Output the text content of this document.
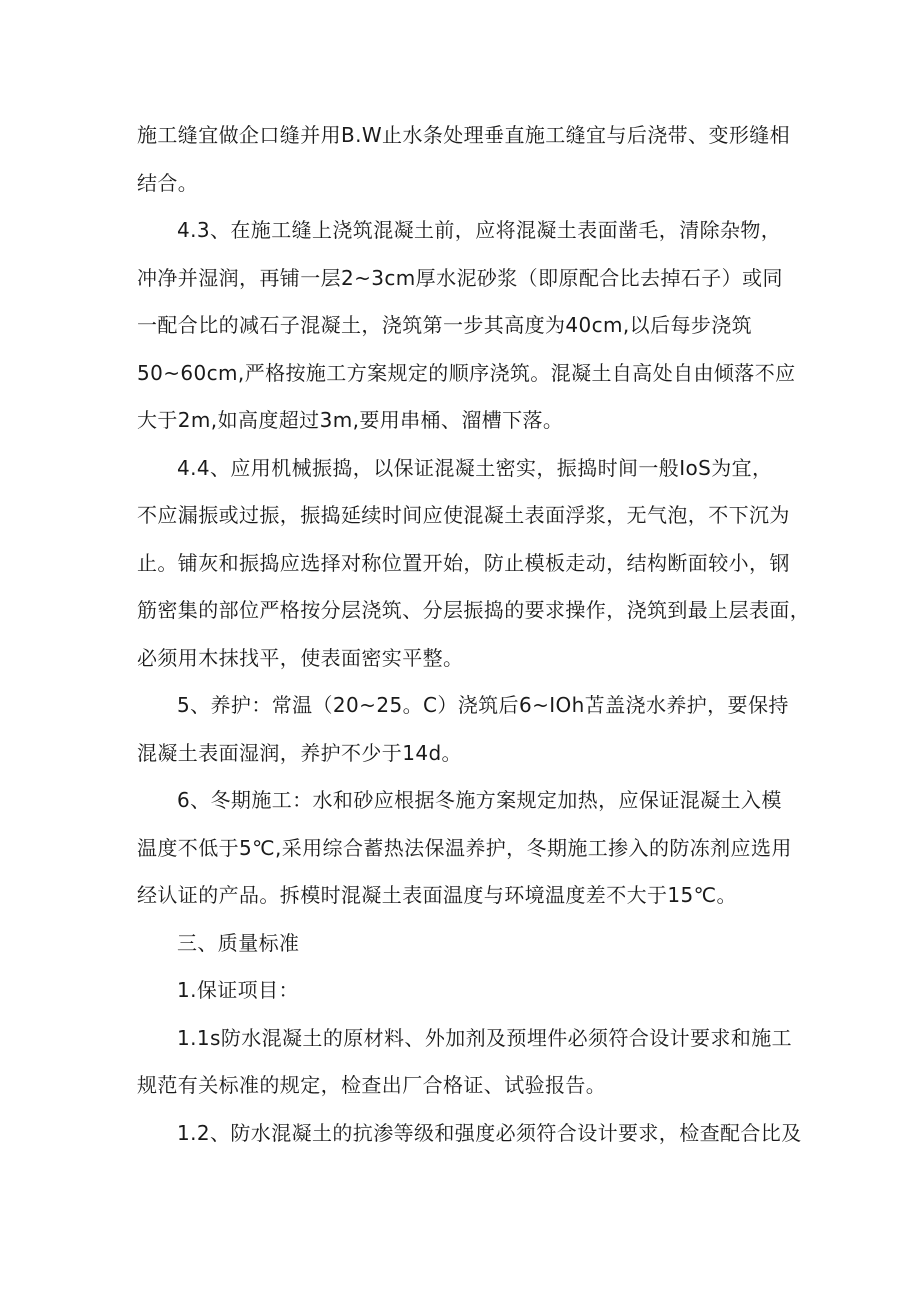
施工缝宜做企口缝并用B.W止水条处理垂直施工缝宜与后浇带、变形缝相
结合。
4.3、在施工缝上浇筑混凝土前，应将混凝土表面凿毛，清除杂物，
冲净并湿润，再铺一层2~3cm厚水泥砂浆（即原配合比去掉石子）或同
一配合比的减石子混凝土，浇筑第一步其高度为40cm,以后每步浇筑
50~60cm,严格按施工方案规定的顺序浇筑。混凝土自高处自由倾落不应
大于2m,如高度超过3m,要用串桶、溜槽下落。
4.4、应用机械振捣，以保证混凝土密实，振捣时间一般IoS为宜，
不应漏振或过振，振捣延续时间应使混凝土表面浮浆，无气泡，不下沉为
止。铺灰和振捣应选择对称位置开始，防止模板走动，结构断面较小，钢
筋密集的部位严格按分层浇筑、分层振捣的要求操作，浇筑到最上层表面，
必须用木抹找平，使表面密实平整。
5、养护：常温（20~25。C）浇筑后6~IOh苫盖浇水养护，要保持
混凝土表面湿润，养护不少于14d。
6、冬期施工：水和砂应根据冬施方案规定加热，应保证混凝土入模
温度不低于5℃,采用综合蓄热法保温养护，冬期施工掺入的防冻剂应选用
经认证的产品。拆模时混凝土表面温度与环境温度差不大于15℃。
三、质量标准
1.保证项目：
1.1s防水混凝土的原材料、外加剂及预埋件必须符合设计要求和施工
规范有关标准的规定，检查出厂合格证、试验报告。
1.2、防水混凝土的抗渗等级和强度必须符合设计要求，检查配合比及
